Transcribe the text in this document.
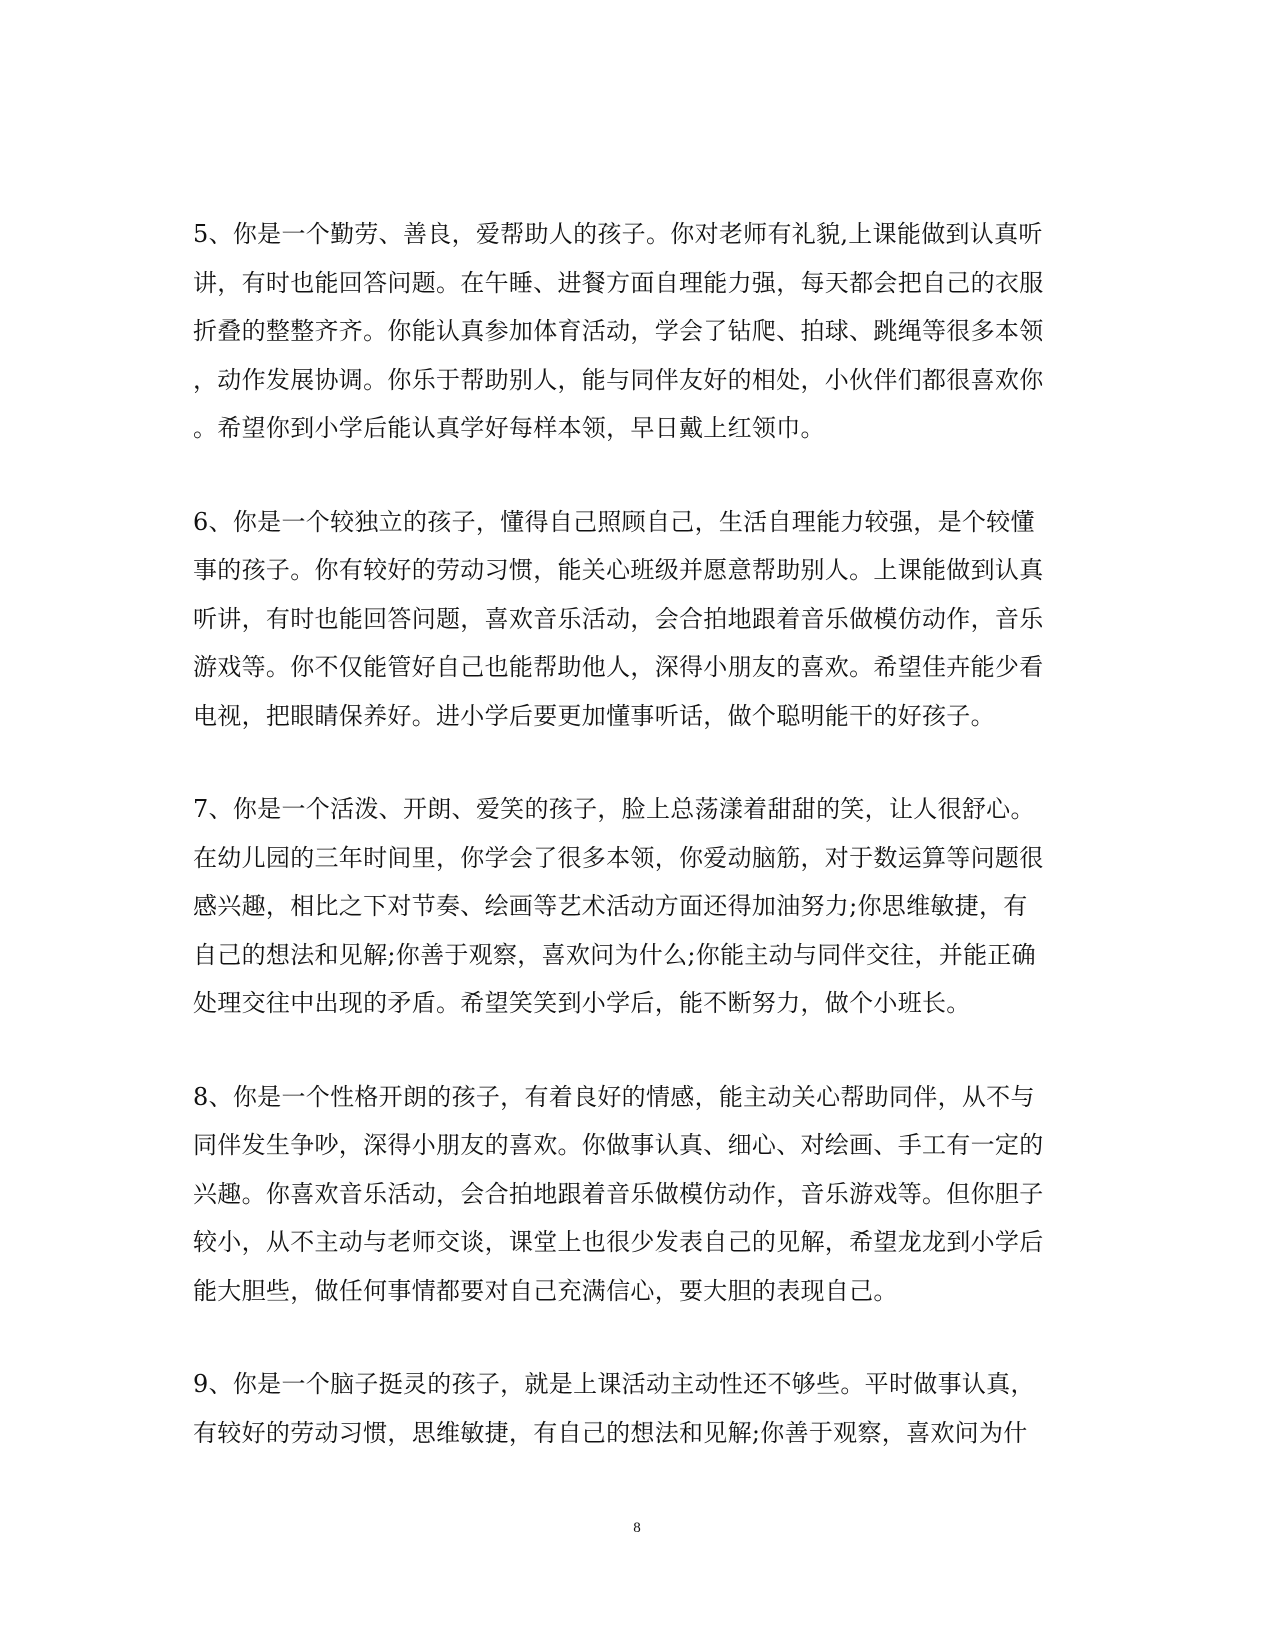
5、你是一个勤劳、善良，爱帮助人的孩子。你对老师有礼貌,上课能做到认真听
讲，有时也能回答问题。在午睡、进餐方面自理能力强，每天都会把自己的衣服
折叠的整整齐齐。你能认真参加体育活动，学会了钻爬、拍球、跳绳等很多本领
，动作发展协调。你乐于帮助别人，能与同伴友好的相处，小伙伴们都很喜欢你
。希望你到小学后能认真学好每样本领，早日戴上红领巾。
6、你是一个较独立的孩子，懂得自己照顾自己，生活自理能力较强，是个较懂
事的孩子。你有较好的劳动习惯，能关心班级并愿意帮助别人。上课能做到认真
听讲，有时也能回答问题，喜欢音乐活动，会合拍地跟着音乐做模仿动作，音乐
游戏等。你不仅能管好自己也能帮助他人，深得小朋友的喜欢。希望佳卉能少看
电视，把眼睛保养好。进小学后要更加懂事听话，做个聪明能干的好孩子。
7、你是一个活泼、开朗、爱笑的孩子，脸上总荡漾着甜甜的笑，让人很舒心。
在幼儿园的三年时间里，你学会了很多本领，你爱动脑筋，对于数运算等问题很
感兴趣，相比之下对节奏、绘画等艺术活动方面还得加油努力;你思维敏捷，有
自己的想法和见解;你善于观察，喜欢问为什么;你能主动与同伴交往，并能正确
处理交往中出现的矛盾。希望笑笑到小学后，能不断努力，做个小班长。
8、你是一个性格开朗的孩子，有着良好的情感，能主动关心帮助同伴，从不与
同伴发生争吵，深得小朋友的喜欢。你做事认真、细心、对绘画、手工有一定的
兴趣。你喜欢音乐活动，会合拍地跟着音乐做模仿动作，音乐游戏等。但你胆子
较小，从不主动与老师交谈，课堂上也很少发表自己的见解，希望龙龙到小学后
能大胆些，做任何事情都要对自己充满信心，要大胆的表现自己。
9、你是一个脑子挺灵的孩子，就是上课活动主动性还不够些。平时做事认真，
有较好的劳动习惯，思维敏捷，有自己的想法和见解;你善于观察，喜欢问为什
8
